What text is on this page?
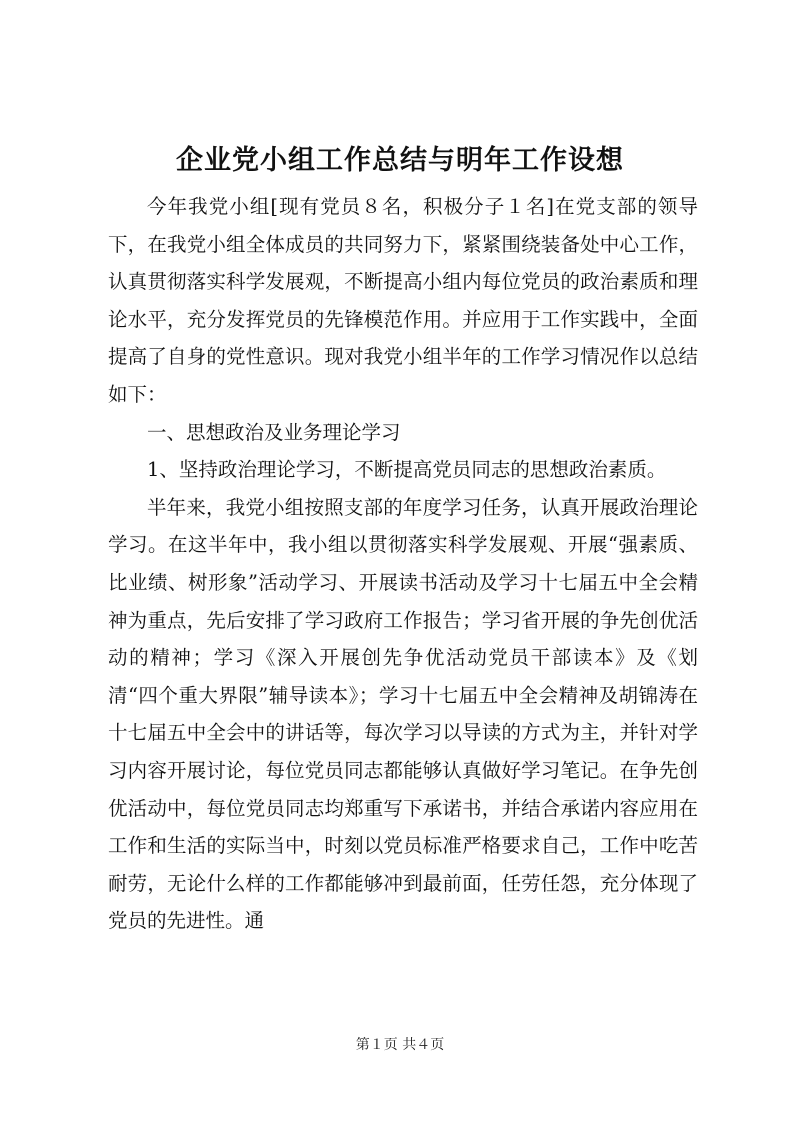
企业党小组工作总结与明年工作设想

今年我党小组[现有党员８名，积极分子１名]在党支部的领导下，在我党小组全体成员的共同努力下，紧紧围绕装备处中心工作，认真贯彻落实科学发展观，不断提高小组内每位党员的政治素质和理论水平，充分发挥党员的先锋模范作用。并应用于工作实践中，全面提高了自身的党性意识。现对我党小组半年的工作学习情况作以总结如下：

一、思想政治及业务理论学习

1、坚持政治理论学习，不断提高党员同志的思想政治素质。

半年来，我党小组按照支部的年度学习任务，认真开展政治理论学习。在这半年中，我小组以贯彻落实科学发展观、开展“强素质、比业绩、树形象”活动学习、开展读书活动及学习十七届五中全会精神为重点，先后安排了学习政府工作报告；学习省开展的争先创优活动的精神；学习《深入开展创先争优活动党员干部读本》及《划清“四个重大界限”辅导读本》；学习十七届五中全会精神及胡锦涛在十七届五中全会中的讲话等，每次学习以导读的方式为主，并针对学习内容开展讨论，每位党员同志都能够认真做好学习笔记。在争先创优活动中，每位党员同志均郑重写下承诺书，并结合承诺内容应用在工作和生活的实际当中，时刻以党员标准严格要求自己，工作中吃苦耐劳，无论什么样的工作都能够冲到最前面，任劳任怨，充分体现了党员的先进性。通

第１页 共４页
